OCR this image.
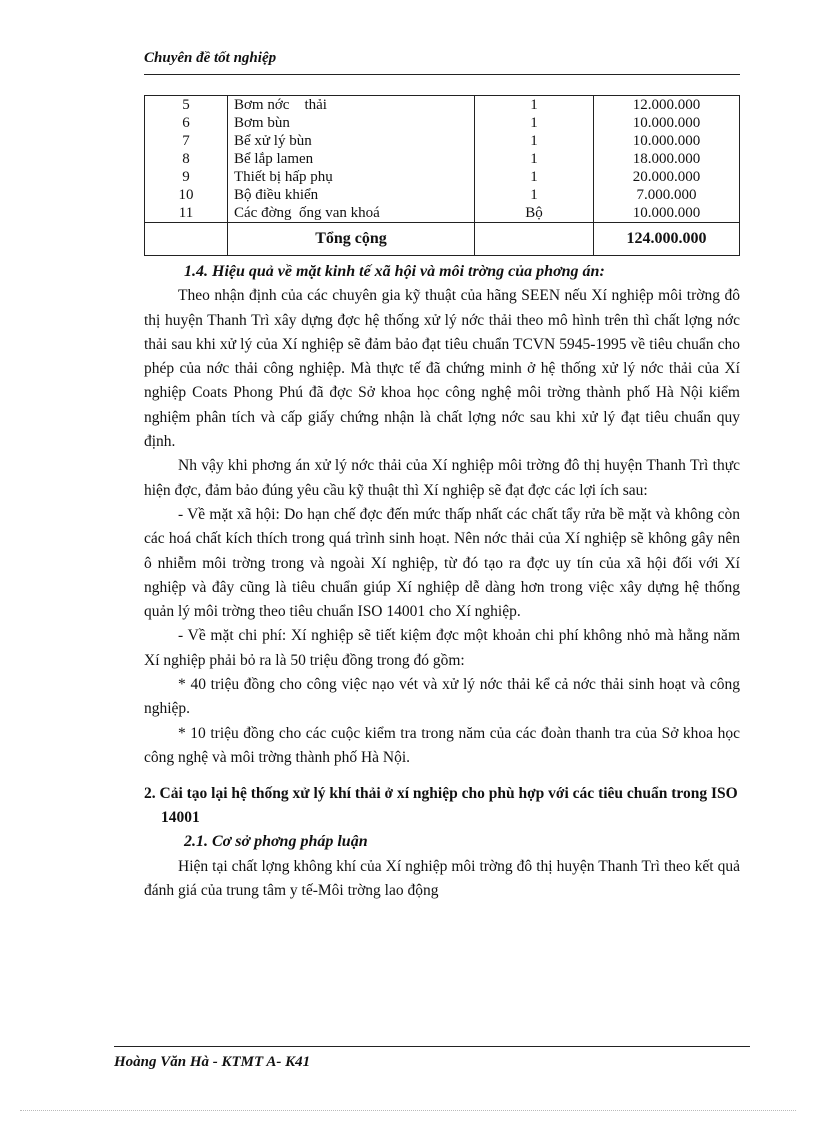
Chuyên đề tốt nghiệp
5	Bơm nớc    thải	1	12.000.000
6	Bơm bùn	1	10.000.000
7	Bể xử lý bùn	1	10.000.000
8	Bể lắp lamen	1	18.000.000
9	Thiết bị hấp phụ	1	20.000.000
10	Bộ điều khiển	1	7.000.000
11	Các đờng  ống van khoá	Bộ	10.000.000
	Tổng cộng		124.000.000
1.4. Hiệu quả về mặt kinh tế xã hội và môi trờng của phơng án:

Theo nhận định của các chuyên gia kỹ thuật của hãng SEEN nếu Xí nghiệp môi trờng đô thị huyện Thanh Trì xây dựng đợc hệ thống xử lý nớc thải theo mô hình trên thì chất lợng nớc thải sau khi xử lý của Xí nghiệp sẽ đảm bảo đạt tiêu chuẩn TCVN 5945-1995 về tiêu chuẩn cho phép của nớc thải công nghiệp. Mà thực tế đã chứng minh ở hệ thống xử lý nớc thải của Xí nghiệp Coats Phong Phú đã đợc Sở khoa học công nghệ môi trờng thành phố Hà Nội kiểm nghiệm phân tích và cấp giấy chứng nhận là chất lợng nớc sau khi xử lý đạt tiêu chuẩn quy định.

Nh vậy khi phơng án xử lý nớc thải của Xí nghiệp môi trờng đô thị huyện Thanh Trì thực hiện đợc, đảm bảo đúng yêu cầu kỹ thuật thì Xí nghiệp sẽ đạt đợc các lợi ích sau:

- Về mặt xã hội: Do hạn chế đợc đến mức thấp nhất các chất tẩy rửa bề mặt và không còn các hoá chất kích thích trong quá trình sinh hoạt. Nên nớc thải của Xí nghiệp sẽ không gây nên ô nhiễm môi trờng trong và ngoài Xí nghiệp, từ đó tạo ra đợc uy tín của xã hội đối với Xí nghiệp và đây cũng là tiêu chuẩn giúp Xí nghiệp dễ dàng hơn trong việc xây dựng hệ thống quản lý môi trờng theo tiêu chuẩn ISO 14001 cho Xí nghiệp.

- Về mặt chi phí: Xí nghiệp sẽ tiết kiệm đợc một khoản chi phí không nhỏ mà hằng năm Xí nghiệp phải bỏ ra là 50 triệu đồng trong đó gồm:

* 40 triệu đồng cho công việc nạo vét và xử lý nớc thải kể cả nớc thải sinh hoạt và công nghiệp.

* 10 triệu đồng cho các cuộc kiểm tra trong năm của các đoàn thanh tra của Sở khoa học công nghệ và môi trờng thành phố Hà Nội.

2. Cải tạo lại hệ thống xử lý khí thải ở xí nghiệp cho phù hợp với các tiêu chuẩn trong ISO 14001
2.1. Cơ sở phơng pháp luận

Hiện tại chất lợng không khí của Xí nghiệp môi trờng đô thị huyện Thanh Trì theo kết quả đánh giá của trung tâm y tế-Môi trờng lao động

Hoàng Văn Hà - KTMT A- K41
